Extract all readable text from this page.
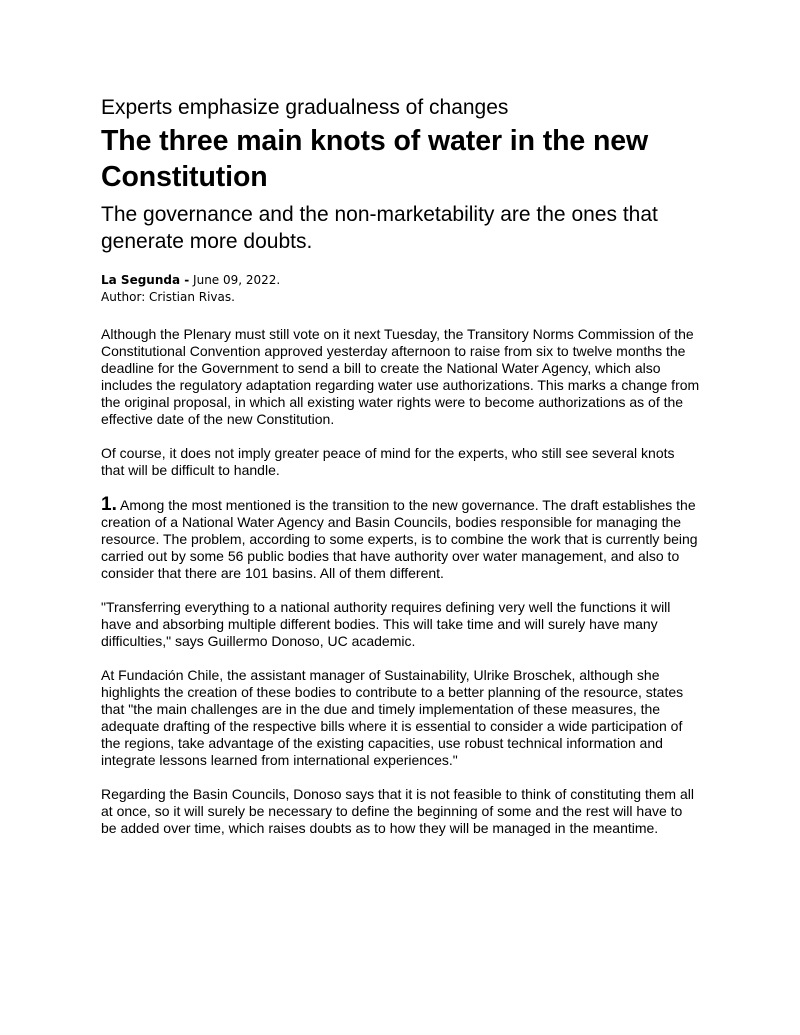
Experts emphasize gradualness of changes
The three main knots of water in the new Constitution
The governance and the non-marketability are the ones that generate more doubts.
La Segunda - June 09, 2022.
Author: Cristian Rivas.

Although the Plenary must still vote on it next Tuesday, the Transitory Norms Commission of the Constitutional Convention approved yesterday afternoon to raise from six to twelve months the deadline for the Government to send a bill to create the National Water Agency, which also includes the regulatory adaptation regarding water use authorizations. This marks a change from the original proposal, in which all existing water rights were to become authorizations as of the effective date of the new Constitution.

Of course, it does not imply greater peace of mind for the experts, who still see several knots that will be difficult to handle.

1. Among the most mentioned is the transition to the new governance. The draft establishes the creation of a National Water Agency and Basin Councils, bodies responsible for managing the resource. The problem, according to some experts, is to combine the work that is currently being carried out by some 56 public bodies that have authority over water management, and also to consider that there are 101 basins. All of them different.

"Transferring everything to a national authority requires defining very well the functions it will have and absorbing multiple different bodies. This will take time and will surely have many difficulties," says Guillermo Donoso, UC academic.

At Fundación Chile, the assistant manager of Sustainability, Ulrike Broschek, although she highlights the creation of these bodies to contribute to a better planning of the resource, states that "the main challenges are in the due and timely implementation of these measures, the adequate drafting of the respective bills where it is essential to consider a wide participation of the regions, take advantage of the existing capacities, use robust technical information and integrate lessons learned from international experiences."

Regarding the Basin Councils, Donoso says that it is not feasible to think of constituting them all at once, so it will surely be necessary to define the beginning of some and the rest will have to be added over time, which raises doubts as to how they will be managed in the meantime.
